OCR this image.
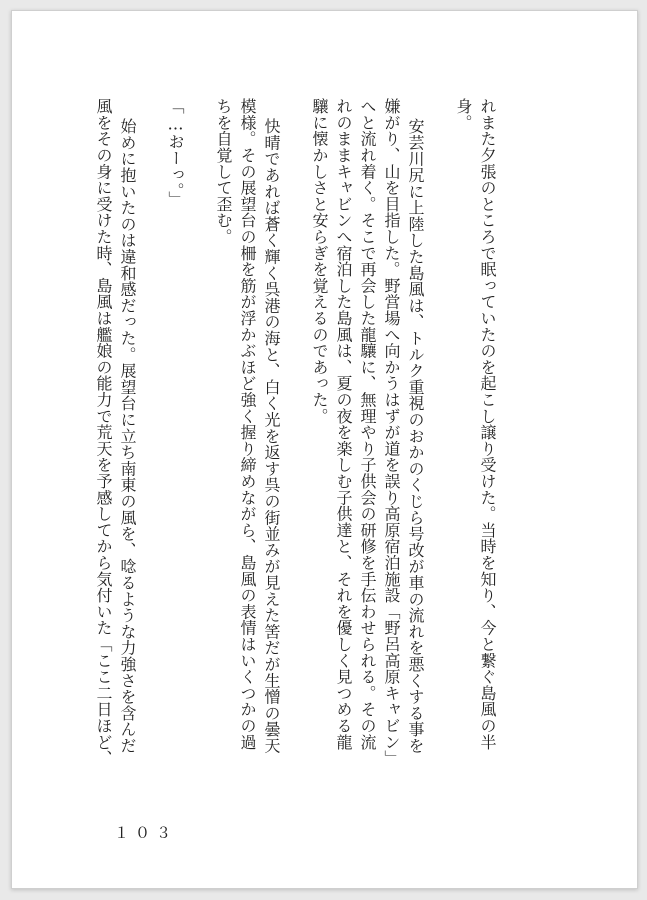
れまた夕張のところで眠っていたのを起こし譲り受けた。当時を知り、今と繋ぐ島風の半

身。

安芸川尻に上陸した島風は、トルク重視のおかのくじら号改が車の流れを悪くする事を

嫌がり、山を目指した。野営場へ向かうはずが道を誤り高原宿泊施設「野呂高原キャビン」

へと流れ着く。そこで再会した龍驤に、無理やり子供会の研修を手伝わせられる。その流

れのままキャビンへ宿泊した島風は、夏の夜を楽しむ子供達と、それを優しく見つめる龍

驤に懐かしさと安らぎを覚えるのであった。

快晴であれば蒼く輝く呉港の海と、白く光を返す呉の街並みが見えた筈だが生憎の曇天

模様。その展望台の柵を筋が浮かぶほど強く握り締めながら、島風の表情はいくつかの過

ちを自覚して歪む。

「…おーっ。」

始めに抱いたのは違和感だった。展望台に立ち南東の風を、唸るような力強さを含んだ

風をその身に受けた時、島風は艦娘の能力で荒天を予感してから気付いた「ここ二日ほど、

１０３
